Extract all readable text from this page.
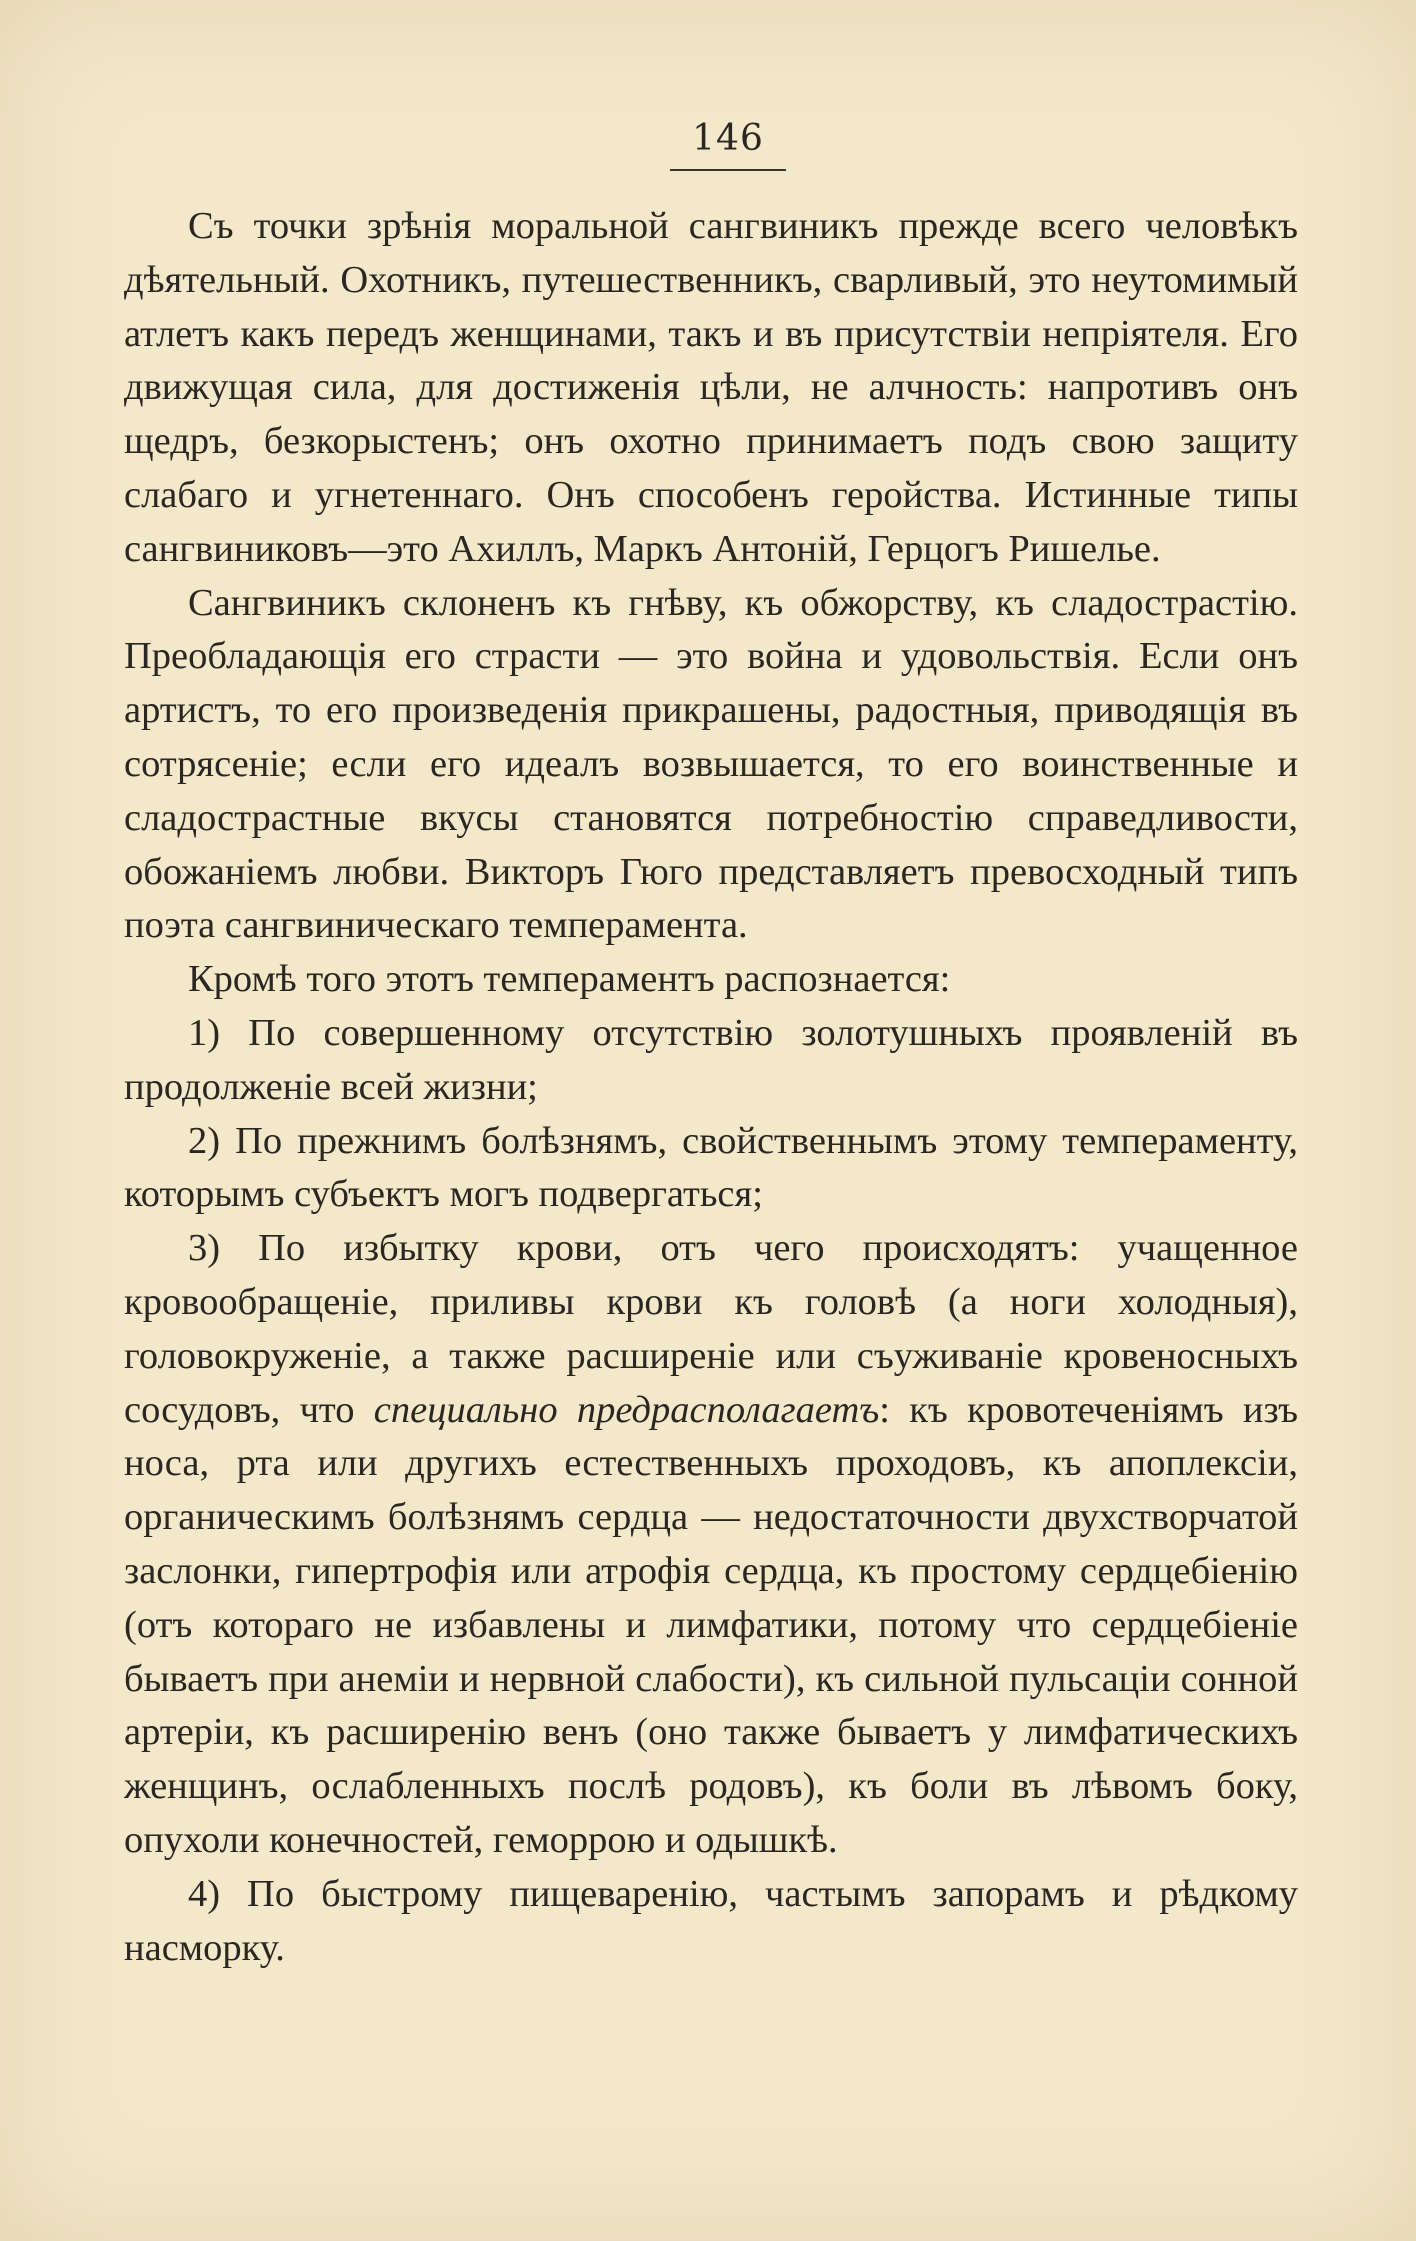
146

Съ точки зрѣнія моральной сангвиникъ прежде всего человѣкъ дѣятельный. Охотникъ, путешественникъ, сварливый, это неутомимый атлетъ какъ передъ женщинами, такъ и въ присутствіи непріятеля. Его движущая сила, для достиженія цѣли, не алчность: напротивъ онъ щедръ, безкорыстенъ; онъ охотно принимаетъ подъ свою защиту слабаго и угнетеннаго. Онъ способенъ геройства. Истинные типы сангвиниковъ—это Ахиллъ, Маркъ Антоній, Герцогъ Ришелье.

Сангвиникъ склоненъ къ гнѣву, къ обжорству, къ сладострастію. Преобладающія его страсти — это война и удовольствія. Если онъ артистъ, то его произведенія прикрашены, радостныя, приводящія въ сотрясеніе; если его идеалъ возвышается, то его воинственные и сладострастные вкусы становятся потребностію справедливости, обожаніемъ любви. Викторъ Гюго представляетъ превосходный типъ поэта сангвиническаго темперамента.

Кромѣ того этотъ темпераментъ распознается:

1) По совершенному отсутствію золотушныхъ проявленій въ продолженіе всей жизни;

2) По прежнимъ болѣзнямъ, свойственнымъ этому темпераменту, которымъ субъектъ могъ подвергаться;

3) По избытку крови, отъ чего происходятъ: учащенное кровообращеніе, приливы крови къ головѣ (а ноги холодныя), головокруженіе, а также расширеніе или съуживаніе кровеносныхъ сосудовъ, что специально предрасполагаетъ: къ кровотеченіямъ изъ носа, рта или другихъ естественныхъ проходовъ, къ апоплексіи, органическимъ болѣзнямъ сердца — недостаточности двухстворчатой заслонки, гипертрофія или атрофія сердца, къ простому сердцебіенію (отъ котораго не избавлены и лимфатики, потому что сердцебіеніе бываетъ при анеміи и нервной слабости), къ сильной пульсаціи сонной артеріи, къ расширенію венъ (оно также бываетъ у лимфатическихъ женщинъ, ослабленныхъ послѣ родовъ), къ боли въ лѣвомъ боку, опухоли конечностей, геморрою и одышкѣ.

4) По быстрому пищеваренію, частымъ запорамъ и рѣдкому насморку.
